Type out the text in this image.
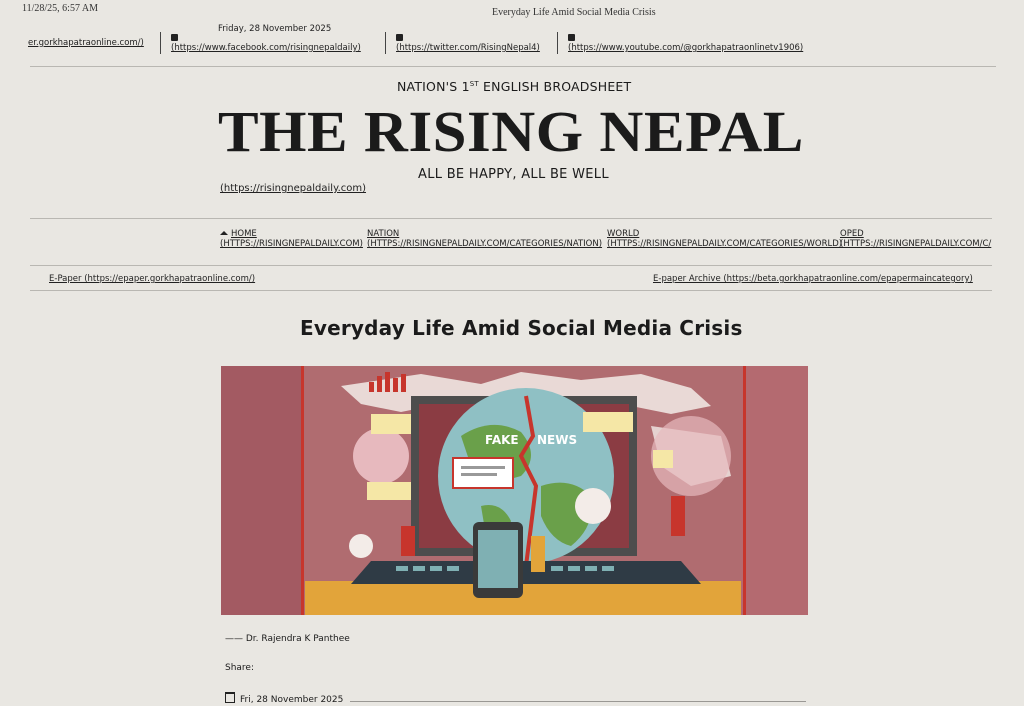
11/28/25, 6:57 AM	Everyday Life Amid Social Media Crisis
Friday, 28 November 2025
er.gorkhapatraonline.com/)	(https://www.facebook.com/risingnepaldaily)	(https://twitter.com/RisingNepal4)	(https://www.youtube.com/@gorkhapatraonlinetv1906)
NATION'S 1ST ENGLISH BROADSHEET
THE RISING NEPAL
ALL BE HAPPY, ALL BE WELL
(https://risingnepaldaily.com)
HOME
(HTTPS://RISINGNEPALDAILY.COM)
NATION
(HTTPS://RISINGNEPALDAILY.COM/CATEGORIES/NATION)
WORLD
(HTTPS://RISINGNEPALDAILY.COM/CATEGORIES/WORLD)
OPED
(HTTPS://RISINGNEPALDAILY.COM/C/
E-Paper (https://epaper.gorkhapatraonline.com/)	E-paper Archive (https://beta.gorkhapatraonline.com/epapermaincategory)
Everyday Life Amid Social Media Crisis
FAKE NEWS
—— Dr. Rajendra K Panthee
Share:
Fri, 28 November 2025
